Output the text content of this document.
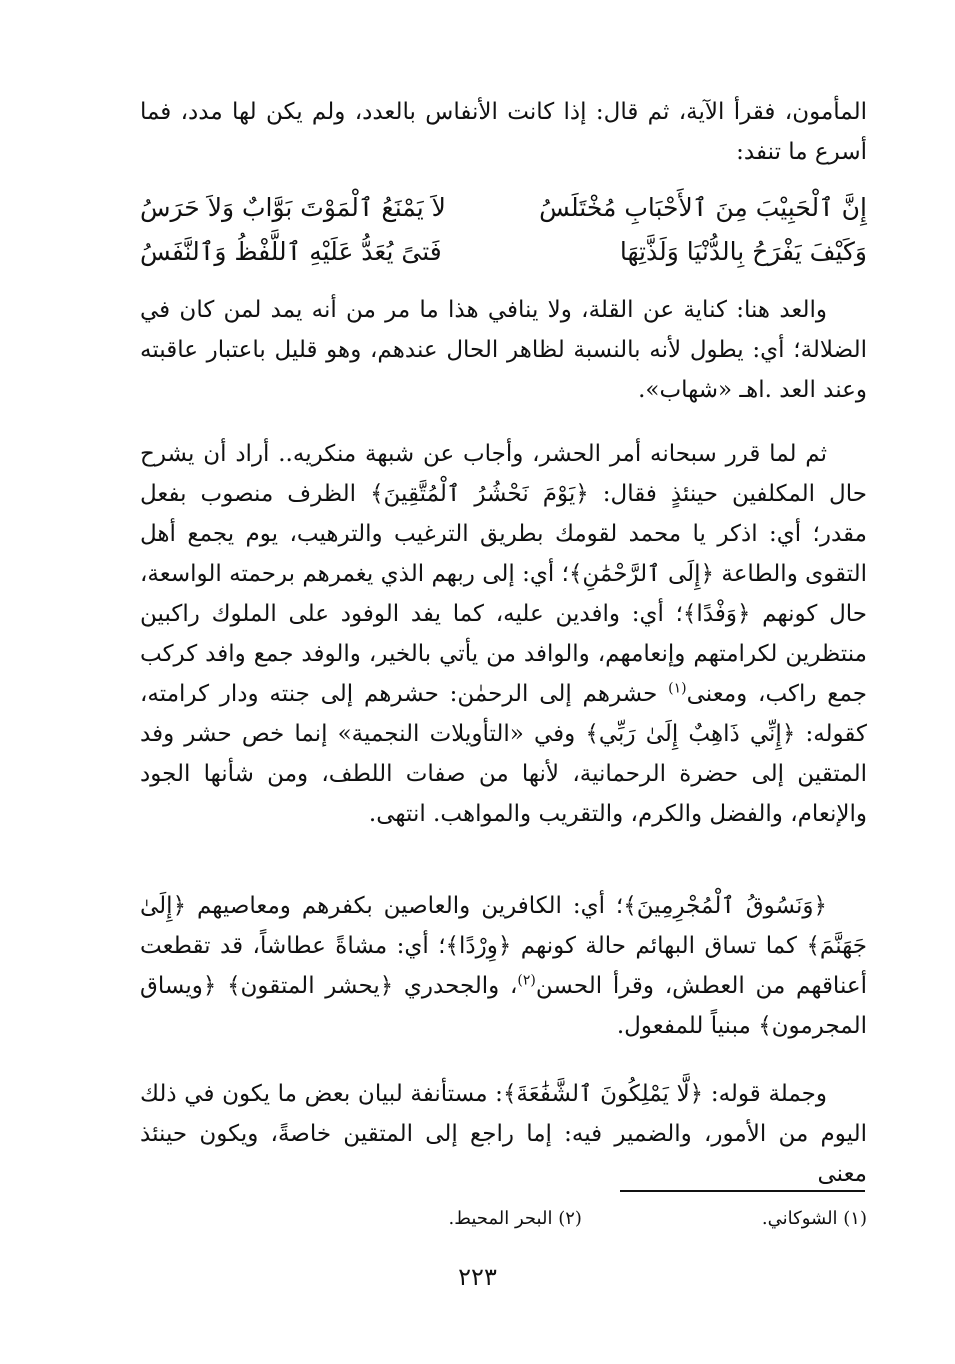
المأمون، فقرأ الآية، ثم قال: إذا كانت الأنفاس بالعدد، ولم يكن لها مدد، فما أسرع ما تنفد:

إِنَّ ٱلْحَبِيْبَ مِنَ ٱلأَحْبَابِ مُخْتَلَسُ
لاَ يَمْنَعُ ٱلْمَوْتَ بَوَّابٌ وَلاَ حَرَسُ
وَكَيْفَ يَفْرَحُ بِالدُّنْيَا وَلَذَّتِهَا
فَتىً يُعَدُّ عَلَيْهِ ٱللَّفْظُ وَٱلنَّفَسُ

والعد هنا: كناية عن القلة، ولا ينافي هذا ما مر من أنه يمد لمن كان في الضلالة؛ أي: يطول لأنه بالنسبة لظاهر الحال عندهم، وهو قليل باعتبار عاقبته وعند العد .اهـ «شهاب».

ثم لما قرر سبحانه أمر الحشر، وأجاب عن شبهة منكريه.. أراد أن يشرح حال المكلفين حينئذٍ فقال: ﴿يَوْمَ نَحْشُرُ ٱلْمُتَّقِينَ﴾ الظرف منصوب بفعل مقدر؛ أي: اذكر يا محمد لقومك بطريق الترغيب والترهيب، يوم يجمع أهل التقوى والطاعة ﴿إِلَى ٱلرَّحْمَٰنِ﴾؛ أي: إلى ربهم الذي يغمرهم برحمته الواسعة، حال كونهم ﴿وَفْدًا﴾؛ أي: وافدين عليه، كما يفد الوفود على الملوك راكبين منتظرين لكرامتهم وإنعامهم، والوافد من يأتي بالخير، والوفد جمع وافد كركب جمع راكب، ومعنى$^{(١)}$ حشرهم إلى الرحمٰن: حشرهم إلى جنته ودار كرامته، كقوله: ﴿إِنِّي ذَاهِبٌ إِلَىٰ رَبِّي﴾ وفي «التأويلات النجمية» إنما خص حشر وفد المتقين إلى حضرة الرحمانية، لأنها من صفات اللطف، ومن شأنها الجود والإنعام، والفضل والكرم، والتقريب والمواهب. انتهى.

﴿وَنَسُوقُ ٱلْمُجْرِمِينَ﴾؛ أي: الكافرين والعاصين بكفرهم ومعاصيهم ﴿إِلَىٰ جَهَنَّمَ﴾ كما تساق البهائم حالة كونهم ﴿وِرْدًا﴾؛ أي: مشاةً عطاشاً، قد تقطعت أعناقهم من العطش، وقرأ الحسن$^{(٢)}$، والجحدري ﴿يحشر المتقون﴾ ﴿ويساق المجرمون﴾ مبنياً للمفعول.

وجملة قوله: ﴿لَّا يَمْلِكُونَ ٱلشَّفَٰعَةَ﴾: مستأنفة لبيان بعض ما يكون في ذلك اليوم من الأمور، والضمير فيه: إما راجع إلى المتقين خاصةً، ويكون حينئذ معنى

(١) الشوكاني.
(٢) البحر المحيط.
٢٢٣
